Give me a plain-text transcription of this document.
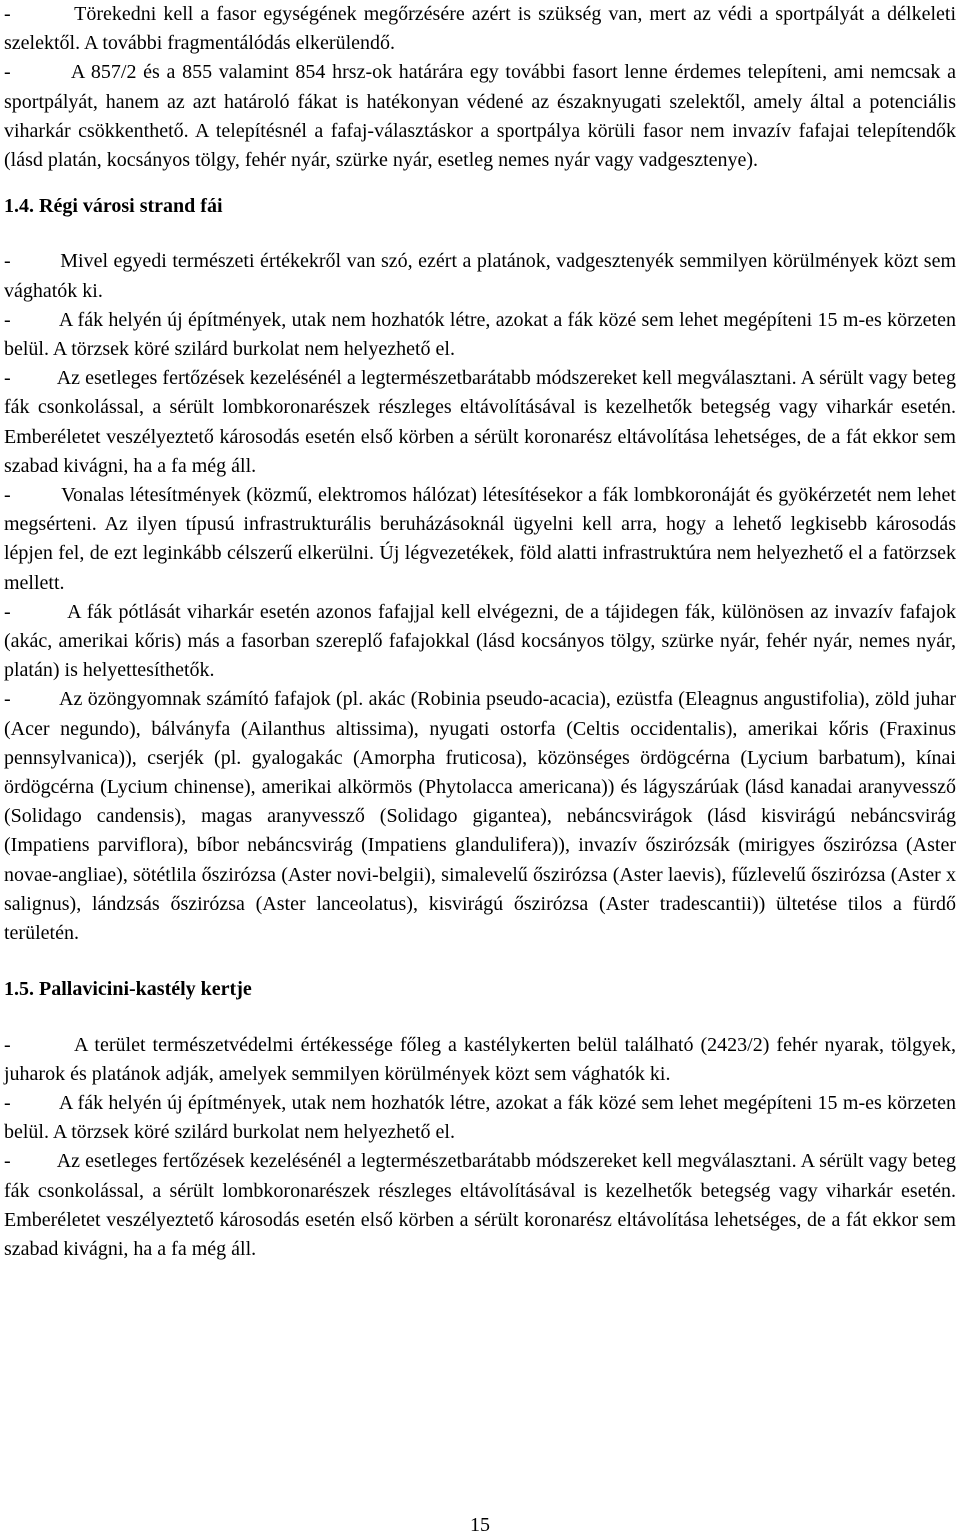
-         Törekedni kell a fasor egységének megőrzésére azért is szükség van, mert az védi a sportpályát a délkeleti szelektől. A további fragmentálódás elkerülendő.

-         A 857/2 és a 855 valamint 854 hrsz-ok határára egy további fasort lenne érdemes telepíteni, ami nemcsak a sportpályát, hanem az azt határoló fákat is hatékonyan védené az északnyugati szelektől, amely által a potenciális viharkár csökkenthető. A telepítésnél a fafaj-választáskor a sportpálya körüli fasor nem invazív fafajai telepítendők (lásd platán, kocsányos tölgy, fehér nyár, szürke nyár, esetleg nemes nyár vagy vadgesztenye).

1.4. Régi városi strand fái

-         Mivel egyedi természeti értékekről van szó, ezért a platánok, vadgesztenyék semmilyen körülmények közt sem vághatók ki.

-         A fák helyén új építmények, utak nem hozhatók létre, azokat a fák közé sem lehet megépíteni 15 m-es körzeten belül. A törzsek köré szilárd burkolat nem helyezhető el.

-         Az esetleges fertőzések kezelésénél a legtermészetbarátabb módszereket kell megválasztani. A sérült vagy beteg fák csonkolással, a sérült lombkoronarészek részleges eltávolításával is kezelhetők betegség vagy viharkár esetén. Emberéletet veszélyeztető károsodás esetén első körben a sérült koronarész eltávolítása lehetséges, de a fát ekkor sem szabad kivágni, ha a fa még áll.

-         Vonalas létesítmények (közmű, elektromos hálózat) létesítésekor a fák lombkoronáját és gyökérzetét nem lehet megsérteni. Az ilyen típusú infrastrukturális beruházásoknál ügyelni kell arra, hogy a lehető legkisebb károsodás lépjen fel, de ezt leginkább célszerű elkerülni. Új légvezetékek, föld alatti infrastruktúra nem helyezhető el a fatörzsek mellett.

-         A fák pótlását viharkár esetén azonos fafajjal kell elvégezni, de a tájidegen fák, különösen az invazív fafajok (akác, amerikai kőris) más a fasorban szereplő fafajokkal (lásd kocsányos tölgy, szürke nyár, fehér nyár, nemes nyár, platán) is helyettesíthetők.

-         Az özöngyomnak számító fafajok (pl. akác (Robinia pseudo-acacia), ezüstfa (Eleagnus angustifolia), zöld juhar (Acer negundo), bálványfa (Ailanthus altissima), nyugati ostorfa (Celtis occidentalis), amerikai kőris (Fraxinus pennsylvanica)), cserjék (pl. gyalogakác (Amorpha fruticosa), közönséges ördögcérna (Lycium barbatum), kínai ördögcérna (Lycium chinense), amerikai alkörmös (Phytolacca americana)) és lágyszárúak (lásd kanadai aranyvessző (Solidago candensis), magas aranyvessző (Solidago gigantea), nebáncsvirágok (lásd kisvirágú nebáncsvirág (Impatiens parviflora), bíbor nebáncsvirág (Impatiens glandulifera)), invazív őszirózsák (mirigyes őszirózsa (Aster novae-angliae), sötétlila őszirózsa (Aster novi-belgii), simalevelű őszirózsa (Aster laevis), fűzlevelű őszirózsa (Aster x salignus), lándzsás őszirózsa (Aster lanceolatus), kisvirágú őszirózsa (Aster tradescantii)) ültetése tilos a fürdő területén.

1.5. Pallavicini-kastély kertje

-         A terület természetvédelmi értékessége főleg a kastélykerten belül található (2423/2) fehér nyarak, tölgyek, juharok és platánok adják, amelyek semmilyen körülmények közt sem vághatók ki.

-         A fák helyén új építmények, utak nem hozhatók létre, azokat a fák közé sem lehet megépíteni 15 m-es körzeten belül. A törzsek köré szilárd burkolat nem helyezhető el.

-         Az esetleges fertőzések kezelésénél a legtermészetbarátabb módszereket kell megválasztani. A sérült vagy beteg fák csonkolással, a sérült lombkoronarészek részleges eltávolításával is kezelhetők betegség vagy viharkár esetén. Emberéletet veszélyeztető károsodás esetén első körben a sérült koronarész eltávolítása lehetséges, de a fát ekkor sem szabad kivágni, ha a fa még áll.

15
